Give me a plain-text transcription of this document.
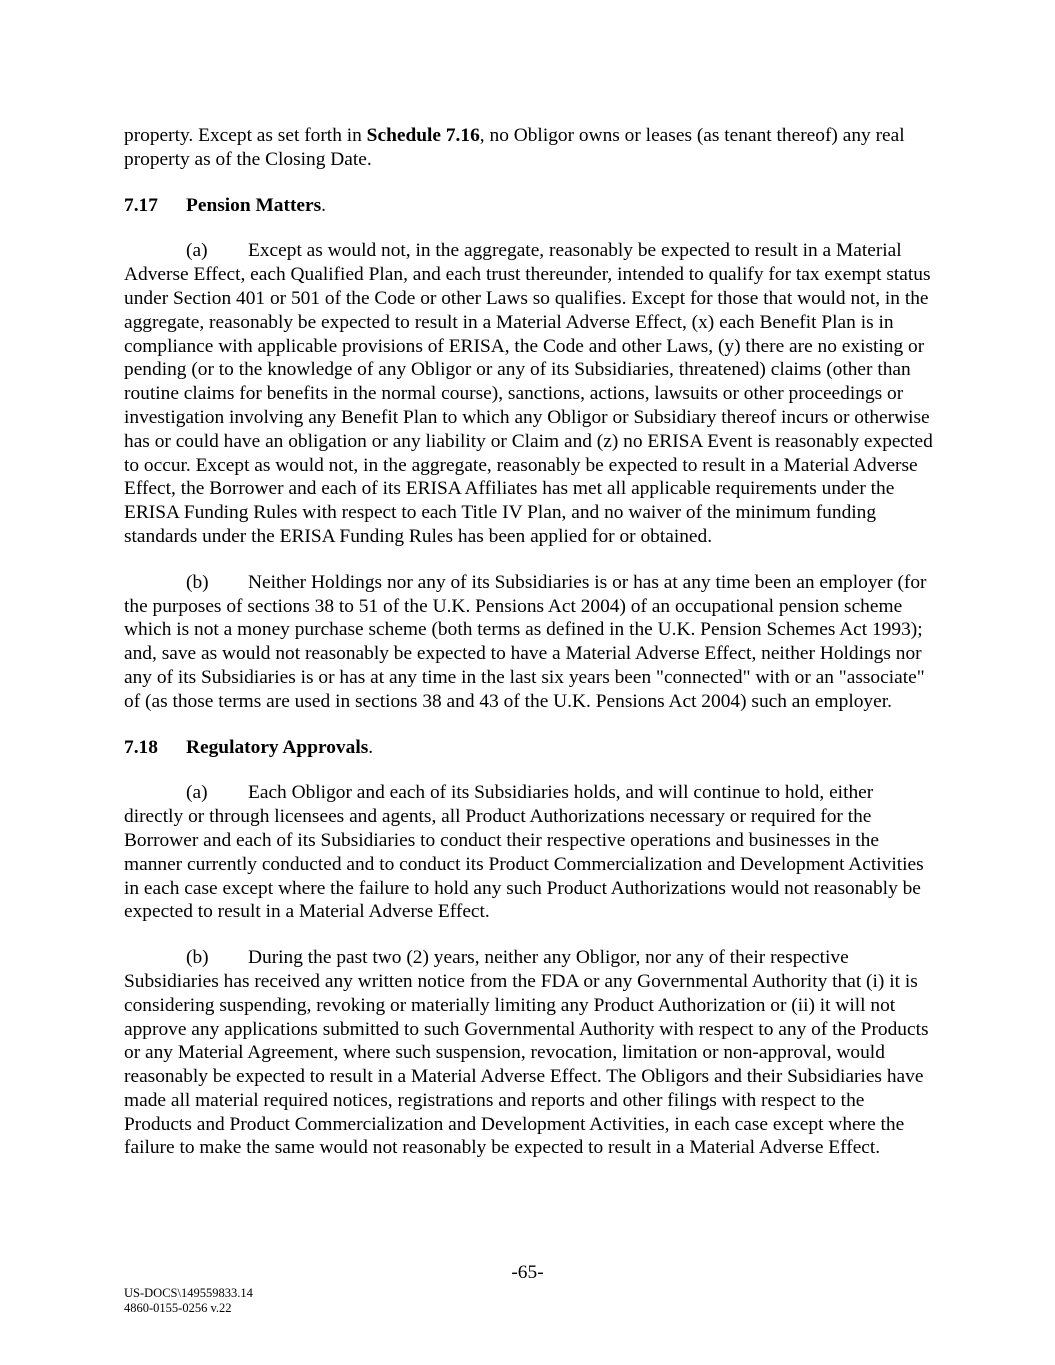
property. Except as set forth in Schedule 7.16, no Obligor owns or leases (as tenant thereof) any real property as of the Closing Date.

7.17 Pension Matters.

(a) Except as would not, in the aggregate, reasonably be expected to result in a Material Adverse Effect, each Qualified Plan, and each trust thereunder, intended to qualify for tax exempt status under Section 401 or 501 of the Code or other Laws so qualifies. Except for those that would not, in the aggregate, reasonably be expected to result in a Material Adverse Effect, (x) each Benefit Plan is in compliance with applicable provisions of ERISA, the Code and other Laws, (y) there are no existing or pending (or to the knowledge of any Obligor or any of its Subsidiaries, threatened) claims (other than routine claims for benefits in the normal course), sanctions, actions, lawsuits or other proceedings or investigation involving any Benefit Plan to which any Obligor or Subsidiary thereof incurs or otherwise has or could have an obligation or any liability or Claim and (z) no ERISA Event is reasonably expected to occur. Except as would not, in the aggregate, reasonably be expected to result in a Material Adverse Effect, the Borrower and each of its ERISA Affiliates has met all applicable requirements under the ERISA Funding Rules with respect to each Title IV Plan, and no waiver of the minimum funding standards under the ERISA Funding Rules has been applied for or obtained.

(b) Neither Holdings nor any of its Subsidiaries is or has at any time been an employer (for the purposes of sections 38 to 51 of the U.K. Pensions Act 2004) of an occupational pension scheme which is not a money purchase scheme (both terms as defined in the U.K. Pension Schemes Act 1993); and, save as would not reasonably be expected to have a Material Adverse Effect, neither Holdings nor any of its Subsidiaries is or has at any time in the last six years been "connected" with or an "associate" of (as those terms are used in sections 38 and 43 of the U.K. Pensions Act 2004) such an employer.

7.18 Regulatory Approvals.

(a) Each Obligor and each of its Subsidiaries holds, and will continue to hold, either directly or through licensees and agents, all Product Authorizations necessary or required for the Borrower and each of its Subsidiaries to conduct their respective operations and businesses in the manner currently conducted and to conduct its Product Commercialization and Development Activities in each case except where the failure to hold any such Product Authorizations would not reasonably be expected to result in a Material Adverse Effect.

(b) During the past two (2) years, neither any Obligor, nor any of their respective Subsidiaries has received any written notice from the FDA or any Governmental Authority that (i) it is considering suspending, revoking or materially limiting any Product Authorization or (ii) it will not approve any applications submitted to such Governmental Authority with respect to any of the Products or any Material Agreement, where such suspension, revocation, limitation or non-approval, would reasonably be expected to result in a Material Adverse Effect. The Obligors and their Subsidiaries have made all material required notices, registrations and reports and other filings with respect to the Products and Product Commercialization and Development Activities, in each case except where the failure to make the same would not reasonably be expected to result in a Material Adverse Effect.

-65-
US-DOCS\149559833.14
4860-0155-0256 v.22
